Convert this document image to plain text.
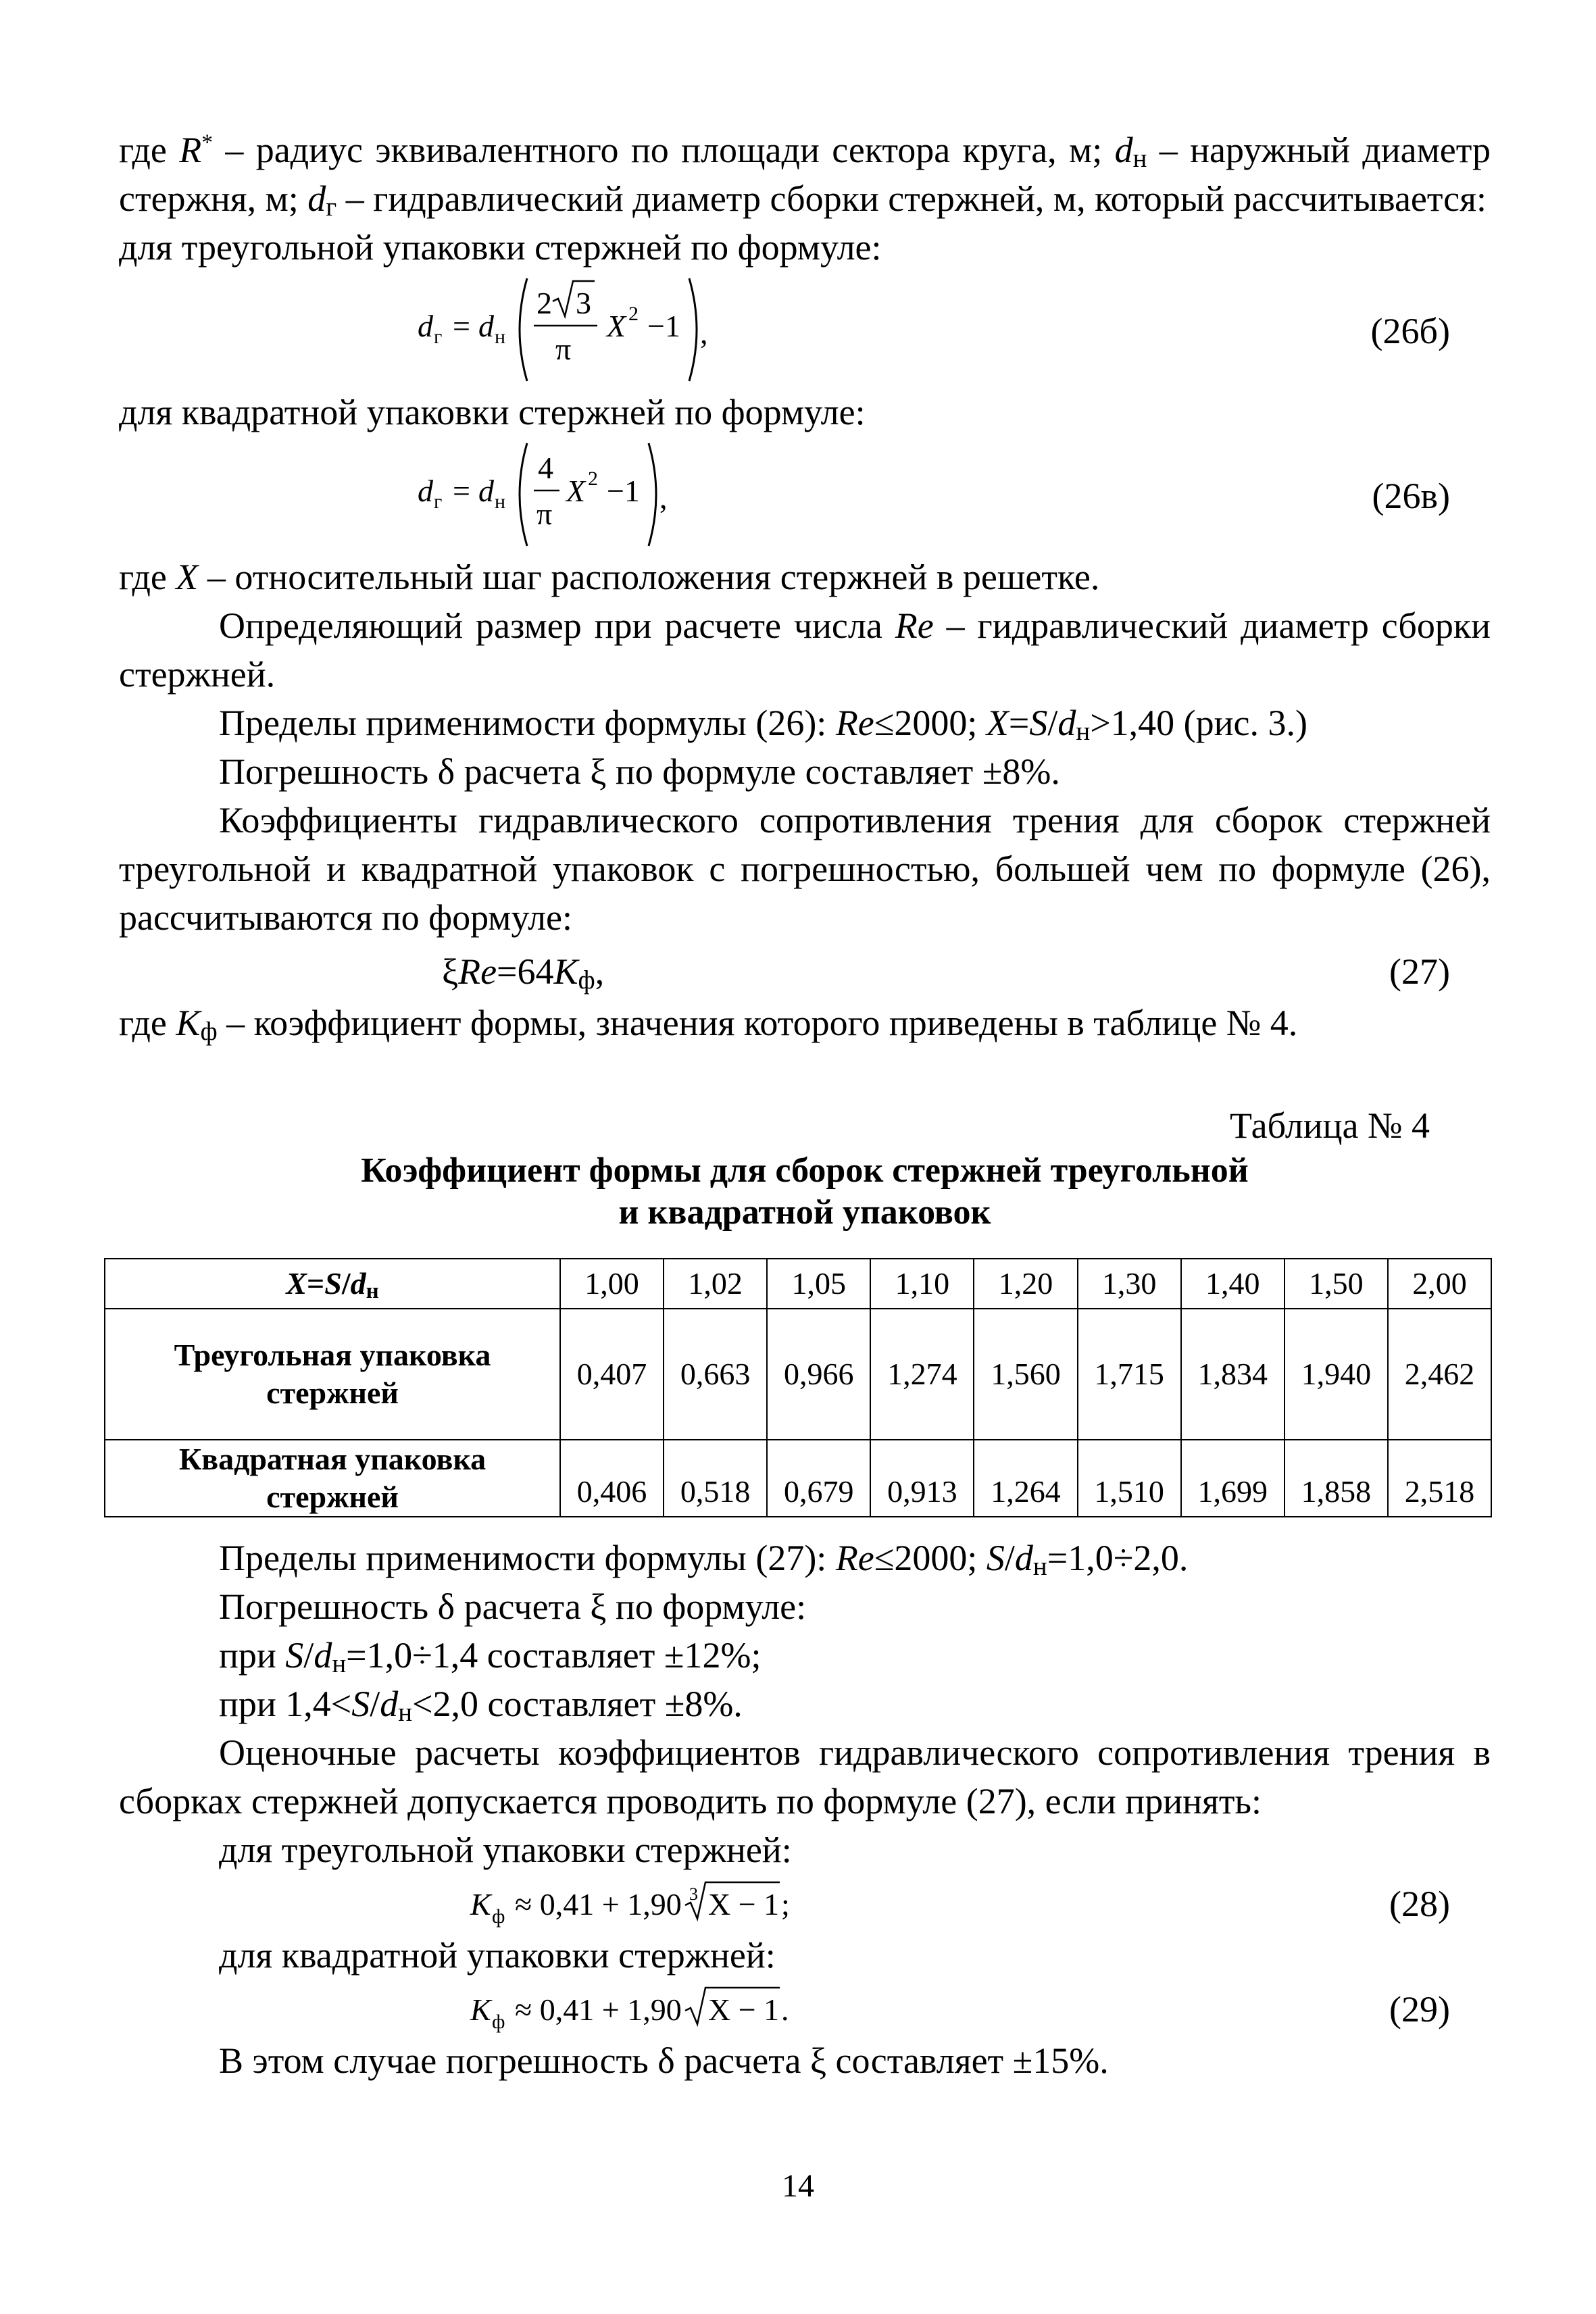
где R* – радиус эквивалентного по площади сектора круга, м; $d_н$ – наружный диаметр стержня, м; $d_г$ – гидравлический диаметр сборки стержней, м, который рассчитывается:

для треугольной упаковки стержней по формуле:

d г = d н
2 3
π
X 2 −1 ,	(26б)

для квадратной упаковки стержней по формуле:

d г = d н
4
π
X 2 −1 ,	(26в)

где X – относительный шаг расположения стержней в решетке.

Определяющий размер при расчете числа Re – гидравлический диаметр сборки стержней.

Пределы применимости формулы (26): Re≤2000; $X=S/d_н>1,40$ (рис. 3.)

Погрешность δ расчета ξ по формуле составляет ±8%.

Коэффициенты гидравлического сопротивления трения для сборок стержней треугольной и квадратной упаковок с погрешностью, большей чем по формуле (26), рассчитываются по формуле:

$\xi Re=64K_ф$,	(27)

где $K_ф$ – коэффициент формы, значения которого приведены в таблице № 4.

Таблица № 4

Коэффициент формы для сборок стержней треугольной
и квадратной упаковок
$X=S/d_н$	1,00	1,02	1,05	1,10	1,20	1,30	1,40	1,50	2,00
Треугольная упаковка стержней	0,407	0,663	0,966	1,274	1,560	1,715	1,834	1,940	2,462
Квадратная упаковка стержней	0,406	0,518	0,679	0,913	1,264	1,510	1,699	1,858	2,518

Пределы применимости формулы (27): Re≤2000; $S/d_н=1,0\div 2,0$.

Погрешность δ расчета ξ по формуле:

при $S/d_н=1,0\div 1,4$ составляет ±12%;

при $1,4<S/d_н<2,0$ составляет ±8%.

Оценочные расчеты коэффициентов гидравлического сопротивления трения в сборках стержней допускается проводить по формуле (27), если принять:

для треугольной упаковки стержней:

K ф ≈ 0,41 + 1,90 3 X − 1 ;	(28)

для квадратной упаковки стержней:

K ф ≈ 0,41 + 1,90 X − 1 .	(29)

В этом случае погрешность δ расчета ξ составляет ±15%.

14
